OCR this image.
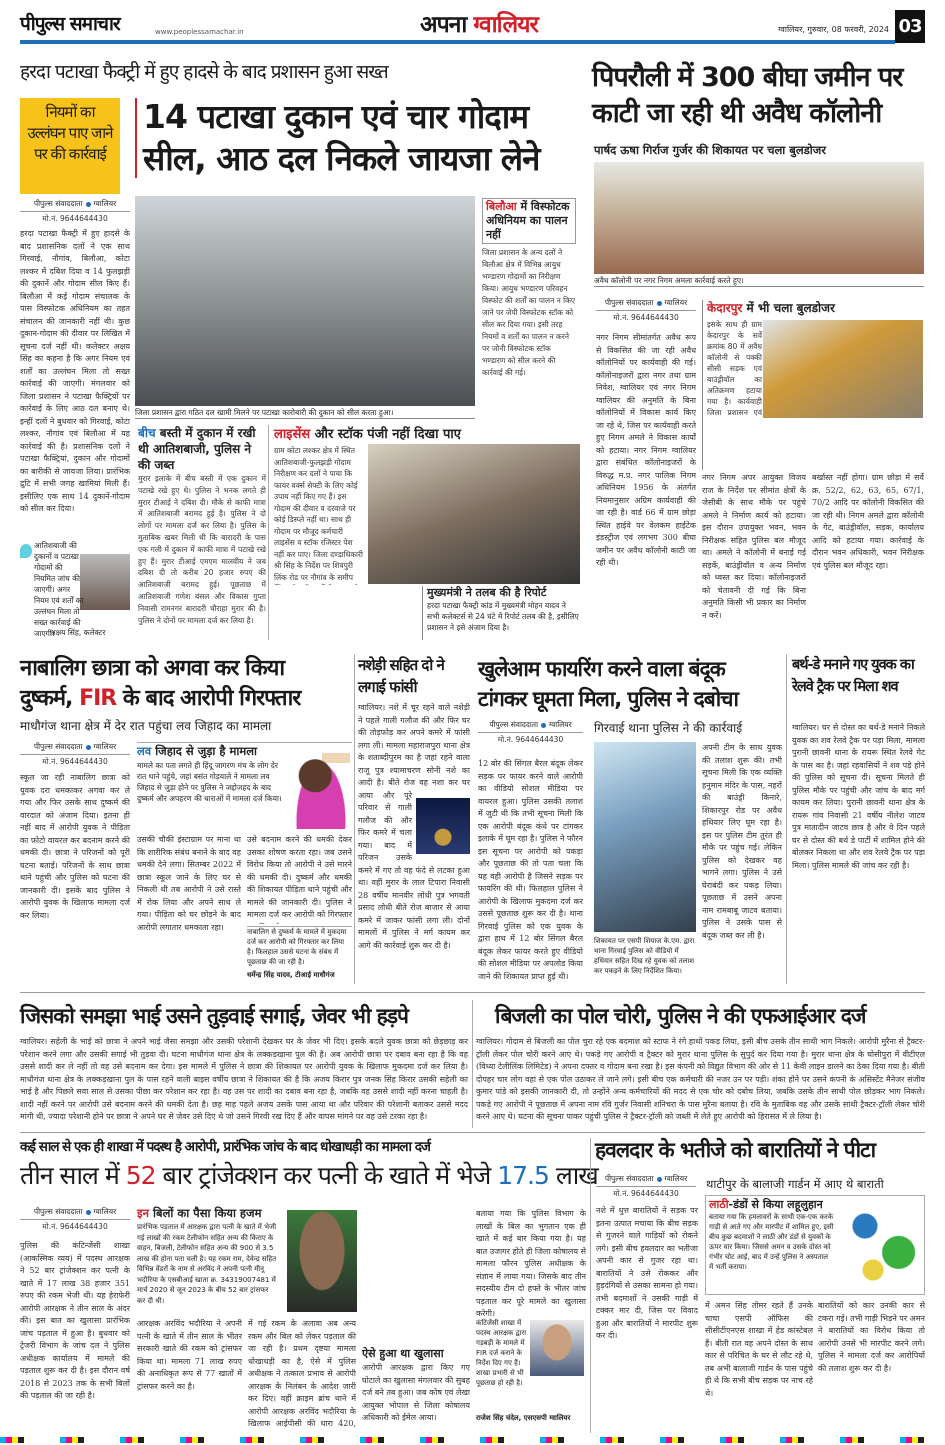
पीपुल्स समाचार	www.peoplessamachar.in	अपना ग्वालियर	ग्वालियर, गुरुवार, 08 फरवरी, 2024 03
हरदा पटाखा फैक्ट्री में हुए हादसे के बाद प्रशासन हुआ सख्त
नियमों का उल्लंघन पाए जाने पर की कार्रवाई
14 पटाखा दुकान एवं चार गोदाम
सील, आठ दल निकले जायजा लेने
पीपुल्स संवाददाता ग्वालियर
मो.नं. 9644644430
हरदा पटाखा फैक्ट्री में हुए हादसे के बाद प्रशासनिक दलों ने एक साथ गिरवाई, नौगांव, बिलौआ, कोटा लश्कर में दबिश दिया व 14 फुलझड़ी की दुकानें और गोदाम सील किए हैं। बिलौआ में कई गोदाम संचालक के पास विस्फोटक अधिनियम का तहत संचालन की जानकारी नहीं थी। कुछ दुकान-गोदाम की दीवार पर लिखित में सूचना दर्ज नहीं थी। कलेक्टर अक्षय सिंह का कहना है कि अगर नियम एवं शर्तों का उल्लंघन मिला तो सख्त कार्रवाई की जाएगी। मंगलवार को जिला प्रशासन ने पटाखा फैक्ट्रियों पर कार्रवाई के लिए आठ दल बनाए थे। इन्हीं दलों ने बुधवार को गिरवाई, कोटा लश्कर, नौगांव एवं बिलौआ में यह कार्रवाई की है। प्रशासनिक दलों ने पटाखा फैक्ट्रियां, दुकान और गोदामों का बारीकी से जायजा लिया। प्रारंभिक द्रुटि में सभी जगह खामियां मिली हैं। इसीलिए एक साथ 14 दुकानें-गोदाम को सील कर दिया।
आतिशबाजी की दुकानों व पटाखा गोदामों की नियमित जांच की जाएगी। अगर नियम एवं शर्तों का उल्लंघन मिला तो सख्त कार्रवाई की जाएगी।
अक्षय सिंह, कलेक्टर
बिलौआ में विस्फोटक अधिनियम का पालन नहीं
जिला प्रशासन के अन्य दलों ने बिलौआ क्षेत्र में विभिन्न आयुध भण्डारण गोदामों का निरीक्षण किया। आयुध भण्डारण परिवहन विस्फोट की शर्तों का पालन न किए जाने पर जेपी विस्फोटक स्टॉक को सील कर दिया गया। इसी तरह नियमों व शर्तों का पालन न करने पर जोनी विस्फोटक स्टॉक भण्डारण को सील करने की कार्रवाई की गई।
जिला प्रशासन द्वारा गठित दल खामी मिलने पर पटाखा कारोबारी की दुकान को सील करता हुआ।
बीच बस्ती में दुकान में रखी थी आतिशबाजी, पुलिस ने की जब्त
मुरार इलाके में बीच बस्ती में एक दुकान में पटाखे रखे हुए थे। पुलिस ने भनक लगते ही मुरार टीआई ने दबिश दी। मौके से काफी मात्रा में आतिशबाजी बरामद हुई है। पुलिस ने दो लोगों पर मामला दर्ज कर लिया है। पुलिस के मुताबिक खबर मिली थी कि बारादरी के पास एक गली में दुकान में काफी मात्रा में पटाखे रखे हुए हैं। मुरार टीआई एमएम मालवीय ने जब दबिश दी तो करीब 20 हजार रुपए की आतिशबाजी बरामद हुई। पूछताछ में आतिशबाजी गणेश बंसल और विकास गुप्ता निवासी रामनगर बारादरी चौराहा मुरार की है। पुलिस ने दोनों पर मामला दर्ज कर लिया है।
लाइसेंस और स्टॉक पंजी नहीं दिखा पाए
ग्राम कोटा लश्कर क्षेत्र में स्थित आतिशबाजी-फुलझड़ी गोदाम निरीक्षण कर दलों ने पाया कि फायर वर्क्स सेफ्टी के लिए कोई उपाय नहीं किए गए हैं। इस गोदाम की दीवार व दरवाजे पर कोई डिस्प्ले नहीं था। साथ ही गोदाम पर मौजूद कर्मचारी लाइसेंस व स्टॉक रजिस्टर पेश नहीं कर पाए। जिला दण्डाधिकारी श्री सिंह के निर्देश पर शिवपुरी लिंक रोड पर नौगांव के समीप
मुख्यमंत्री ने तलब की है रिपोर्ट
हरदा पटाखा फैक्ट्री कांड में मुख्यमंत्री मोहन यादव ने सभी कलेक्टर्स से 24 घंटे में रिपोर्ट तलब की है, इसीलिए प्रशासन ने इसे अंजाम दिया है।
पिपरौली में 300 बीघा जमीन पर
काटी जा रही थी अवैध कॉलोनी
पार्षद ऊषा गिर्राज गुर्जर की शिकायत पर चला बुलडोजर
अवैध कॉलोनी पर नगर निगम अमला कार्रवाई करते हुए।
पीपुल्स संवाददाता ग्वालियर
मो.नं. 9644644430
नगर निगम सीमांतर्गत अवैध रूप से विकसित की जा रही अवैध कॉलोनियों पर कार्यवाही की गई। कॉलोनाइजरों द्वारा नगर तथा ग्राम निवेश, ग्वालियर एवं नगर निगम ग्वालियर की अनुमति के बिना कॉलोनियों में विकास कार्य किए जा रहे थे, जिस पर कार्यवाही करते हुए निगम अमले ने विकास कार्यों को हटाया। नगर निगम ग्वालियर द्वारा संबंधित कॉलोनाइजरों के विरुद्ध म.प्र. नगर पालिक निगम अधिनियम 1956 के अंतर्गत नियमानुसार अग्रिम कार्यवाही की जा रही है। वार्ड 66 में ग्राम छोड़ा स्थित हाईवे पर वेलकम हाईटेक इंडस्ट्रीज एवं लगभग 300 बीघा जमीन पर अवैध कॉलोनी काटी जा रही थी।
नगर निगम अपर आयुक्त विजय राज के निर्देश पर सीमांत क्षेत्रों के जेसीबी के साथ मौके पर पहुंचे अमले ने निर्माण कार्य को हटाया। इस दौरान उपायुक्त भवन, भवन निरीक्षक सहित पुलिस बल मौजूद था। अमले ने कॉलोनी में बनाई गई सड़कें, बाउंड्रीवॉल व अन्य निर्माण को ध्वस्त कर दिया। कॉलोनाइजरों को चेतावनी दी गई कि बिना अनुमति किसी भी प्रकार का निर्माण न करें।
बर्खास्त नहीं होगा। ग्राम छोड़ा में सर्वे क्र. 52/2, 62, 63, 65, 67/1, 70/2 आदि पर कॉलोनी विकसित की जा रही थी। निगम अमले द्वारा कॉलोनी के गेट, बाउंड्रीवॉल, सड़क, कार्यालय आदि को हटाया गया। कार्रवाई के दौरान भवन अधिकारी, भवन निरीक्षक एवं पुलिस बल मौजूद रहा।
केदारपुर में भी चला बुलडोजर
इसके साथ ही ग्राम केदारपुर के सर्वे क्रमांक 80 में अवैध कॉलोनी से पक्की सीसी सड़क एवं बाउंड्रीवॉल का अतिक्रमण हटाया गया है। कार्यवाही जिला प्रशासन एवं
नाबालिग छात्रा को अगवा कर किया
दुष्कर्म, FIR के बाद आरोपी गिरफ्तार
माधौगंज थाना क्षेत्र में देर रात पहुंचा लव जिहाद का मामला
पीपुल्स संवाददाता ग्वालियर
मो.नं. 9644644430
स्कूल जा रही नाबालिग छात्रा को युवक दरा धमकाकर अगवा कर ले गया और फिर उसके साथ दुष्कर्म की वारदात को अंजाम दिया। इतना ही नहीं बाद में आरोपी युवक ने पीड़िता का फ़ोटो वायरल कर बदनाम करने की धमकी दी। छात्रा ने परिजनों को पूरी घटना बताई। परिजनों के साथ छात्रा थाने पहुंची और पुलिस को घटना की जानकारी दी। इसके बाद पुलिस ने आरोपी युवक के खिलाफ मामला दर्ज कर लिया।
लव जिहाद से जुड़ा है मामला
मामले का पता लगते ही हिंदू जागरण मंच के लोग देर रात थाने पहुंचे, जहां बसंत गोड़याले ने मामला लव जिहाद से जुड़ा होने पर पुलिस ने जद्दोजहद के बाद दुष्कर्म और अपहरण की धाराओं में मामला दर्ज किया।
उसकी चौकी इंस्टाग्राम पर माना था कि शारीरिक संबंध बनाने के बाद वह धमकी देने लगा। सितम्बर 2022 में छात्रा स्कूल जाने के लिए घर से निकली थी तब आरोपी ने उसे रास्ते में रोक लिया और अपने साथ ले गया। पीड़िता को घर छोड़ने के बाद आरोपी लगातार धमकाता रहा।
उसे बदनाम करने की धमकी देकर उसका शोषण करता रहा। जब उसने विरोध किया तो आरोपी ने उसे मारने की धमकी दी। दुष्कर्म और धमकी की शिकायत पीड़िता थाने पहुंची और मामले की जानकारी दी। पुलिस ने मामला दर्ज कर आरोपी को गिरफ्तार
नाबालिग से दुष्कर्म के मामले में मुकदमा दर्ज कर आरोपी को गिरफ्तार कर लिया है। फिलहाल उससे घटना के संबंध में पूछताछ की जा रही है।
धर्मेन्द्र सिंह यादव, टीआई माधौगंज
नशेड़ी सहित दो ने लगाई फांसी
ग्वालियर। नशे में चूर रहने वाले नशेड़ी ने पहले गाली गलौज की और फिर घर की तोड़फोड़ कर अपने कमरे में फांसी लगा ली। मामला महाराजपुरा थाना क्षेत्र के शताब्दीपुरम का है जहां रहने वाला राजू पुत्र श्यामाचरण सोनी नशे का आदी है। बीते रोज वह नशा कर घर आया और पूरे परिवार से गाली गलौज की और फिर कमरे में चला गया। बाद में परिजन उसके कमरे में गए तो वह फंदे से लटका हुआ था। वहीं मुरार के लाल टिपारा निवासी 28 वर्षीय मानवीर लोधी पुत्र भगवती प्रसाद लोधी बीते रोज बाजार से आया कमरे में जाकर फांसी लगा ली। दोनों मामलों में पुलिस ने मर्ग कायम कर आगे की कार्रवाई शुरू कर दी है।
खुलेआम फायरिंग करने वाला बंदूक
टांगकर घूमता मिला, पुलिस ने दबोचा
पीपुल्स संवाददाता ग्वालियर
मो.नं. 9644644430
गिरवाई थाना पुलिस ने की कार्रवाई
12 बोर की सिंगल बैरल बंदूक लेकर सड़क पर फायर करने वाले आरोपी का वीडियो सोशल मीडिया पर वायरल हुआ। पुलिस उसकी तलाश में जुटी थी कि तभी सूचना मिली कि एक आरोपी बंदूक कंधे पर टांगकर इलाके में घूम रहा है। पुलिस ने फौरन इस सूचना पर आरोपी को पकड़ा और पूछताछ की तो पता चला कि यह वही आरोपी है जिसने सड़क पर फायरिंग की थी। फिलहाल पुलिस ने आरोपी के खिलाफ मुकदमा दर्ज कर उससे पूछताछ शुरू कर दी है। थाना गिरवाई पुलिस को एक युवक के द्वारा हाथ में 12 बोर सिंगल बैरल बंदूक लेकर फायर करते हुए वीडियो की सोशल मीडिया पर अपलोड किया जाने की शिकायत प्राप्त हुई थी।
अपनी टीम के साथ युवक की तलाश शुरू की। तभी सूचना मिली कि एक व्यक्ति हनुमान मंदिर के पास, नहरों की बाउंड्री किनारे, शिकारपुर रोड पर अवैध हथियार लिए घूम रहा है। इस पर पुलिस टीम तुरंत ही मौके पर पहुंच गई। लेकिन पुलिस को देखकर वह भागने लगा। पुलिस ने उसे घेराबंदी कर पकड़ लिया। पूछताछ में उसने अपना नाम रामबाबू जाटव बताया। पुलिस ने उसके पास से बंदूक जब्त कर ली है।
शिकायत पर एसपी शियाज के.एम. द्वारा थाना गिरवाई पुलिस को वीडियो में हथियार सहित दिख रहे युवक को तलाश कर पकड़ने के लिए निर्देशित किया।
बर्थ-डे मनाने गए युवक का रेलवे ट्रैक पर मिला शव
ग्वालियर। घर से दोस्त का बर्थ-डे मनाने निकले युवक का शव रेलवे ट्रैक पर पड़ा मिला, मामला पुरानी छावनी थाना के रायरू स्थित रेलवे गेट के पास का है। जहां रहवासियों ने शव पड़े होने की पुलिस को सूचना दी। सूचना मिलते ही पुलिस मौके पर पहुंची और जांच के बाद मर्ग कायम कर लिया। पुरानी छावनी थाना क्षेत्र के रायरू गांव निवासी 21 वर्षीय नीलेश जाटव पुत्र मातादीन जाटव छात्र है और वे दिन पहले घर से दोस्त की बर्थ डे पार्टी में शामिल होने की बोलकर निकला था और शव रेलवे ट्रैक पर पड़ा मिला। पुलिस मामले की जांच कर रही है।
जिसको समझा भाई उसने तुड़वाई सगाई, जेवर भी हड़पे
ग्वालियर। सहेली के भाई को छात्रा ने अपने भाई जैसा समझा और उसकी परेशानी देखकर घर के जेवर भी दिए। इसके बदले युवक छात्रा को छेड़छाड़ कर परेशान करने लगा और उसकी सगाई भी तुड़वा दी। घटना माधौगंज थाना क्षेत्र के लक्कड़खाना पुल की है। अब आरोपी छात्रा पर दबाव बना रहा है कि वह उससे शादी कर ले नहीं तो वह उसे बदनाम कर देगा। इस मामले में पुलिस ने छात्रा की शिकायत पर आरोपी युवक के खिलाफ मुकदमा दर्ज कर लिया है। माधौगंज थाना क्षेत्र के लक्कड़खाना पुल के पास रहने वाली बाइस वर्षीय छात्रा ने शिकायत की है कि अजय किरार पुत्र जनक सिंह किरार उसकी सहेली का भाई है और पिछले सवा साल से उसका पीछा कर परेशान कर रहा है। वह उस पर शादी का दबाव बना रहा है, जबकि वह उससे शादी नहीं करना चाहती है। शादी नहीं करने पर आरोपी उसे बदनाम करने की धमकी देता है। छह माह पहले अजय उसके पास आया था और परिवार की परेशानी बताकर उससे मदद मांगी थी, ज्यादा परेशानी होने पर छात्रा ने अपने घर से जेवर उसे दिए थे जो उसने गिरवी रख दिए हैं और वापस मांगने पर वह उसे टरका रहा है।
बिजली का पोल चोरी, पुलिस ने की एफआईआर दर्ज
ग्वालियर। गोदाम से बिजली का पोल चुरा रहे एक बदमाश को स्टाफ ने रंगे हाथों पकड़ लिया, इसी बीच उसके तीन साथी भाग निकले। आरोपी मुरैना से ट्रैक्टर-ट्रॉली लेकर पोल चोरी करने आए थे। पकड़े गए आरोपी व ट्रैक्टर को मुरार थाना पुलिस के सुपुर्द कर दिया गया है। मुरार थाना क्षेत्र के घोसीपुरा में वीटीएल (विध्या टेलीलिंक लिमिटेड) ने अपना दफ्तर व गोदाम बना रखा है। इस कंपनी को विद्युत विभाग की ओर से 11 केवी लाइन डालने का ठेका दिया गया है। बीती दोपहर चार लोग वहां से एक पोल उठाकर ले जाने लगे। इसी बीच एक कर्मचारी की नजर उन पर पड़ी। शंका होने पर उसने कंपनी के असिस्टेंट मैनेजर संजीव कुमार पांडे को इसकी जानकारी दी, तो उन्होंने अन्य कर्मचारियों की मदद से एक चोर को दबोच लिया, जबकि उसके तीन साथी पोल छोड़कर भाग निकले। पकड़े गए आरोपी ने पूछताछ में अपना नाम रवि गुर्जर निवासी शनिचरा के पास मुरैना बताया है। रवि के मुताबिक वह और उसके साथी ट्रैक्टर-ट्रॉली लेकर चोरी करने आए थे। घटना की सूचना पाकर पहुंची पुलिस ने ट्रैक्टर-ट्रॉली को जब्ती में लेते हुए आरोपी को हिरासत में ले लिया है।
कई साल से एक ही शाखा में पदस्थ है आरोपी, प्रारंभिक जांच के बाद धोखाधड़ी का मामला दर्ज
तीन साल में 52 बार ट्रांजेक्शन कर पत्नी के खाते में भेजे 17.5 लाख
पीपुल्स संवाददाता ग्वालियर
मो.नं. 9644644430
पुलिस की कंटिन्जेंसी शाखा (आकस्मिक व्यय) में पदस्थ आरक्षक ने 52 बार ट्रांजेक्शन कर पत्नी के खाते में 17 लाख 38 हजार 351 रुपए की रकम भेजी थी। यह हेराफेरी आरोपी आरक्षक ने तीन साल के अंदर की। इस बात का खुलासा प्रारंभिक जांच पड़ताल में हुआ है। बुधवार को ट्रेजरी विभाग के जांच दल ने पुलिस अधीक्षक कार्यालय में मामले की पड़ताल शुरू कर दी है। इस दौरान वर्ष 2018 से 2023 तक के सभी बिलों की पड़ताल की जा रही है।
इन बिलों का पैसा किया हजम
प्रारंभिक पड़ताल में आरक्षक द्वारा पत्नी के खाते में भेजी गई लाखों की रकम टेलीफोन सहित अन्य की किराए के वाहन, बिजली, टेलीफोन सहित अन्य की 900 से 3.5 लाख की होना पता चली है। यह रकम राम, देवेन्द्र सहित विभिन्न वेंडरों के नाम से अरविंद ने अपनी पत्नी मीनू भदौरिया के एसबीआई खाता क्र. 34319007481 में मार्च 2020 से जून 2023 के बीच 52 बार ट्रांसफर कर दी थी।
आरक्षक अरविंद भदौरिया ने अपनी पत्नी के खाते में तीन साल के भीतर सरकारी खाते की रकम को ट्रांसफर किया था। मामला 71 लाख रुपए की अनाधिकृत रूप से 77 खातों में ट्रांसफर करने का है।
में गई रकम के अलावा अब अन्य रकम और बिल को लेकर पड़ताल की जा रही है। प्रथम दृष्टया मामला धोखाधड़ी का है, ऐसे में पुलिस अधीक्षक ने तत्काल प्रभाव से आरोपी आरक्षक के निलंबन के आदेश जारी कर दिए। वहीं क्राइम ब्रांच थाने में आरोपी आरक्षक अरविंद भदौरिया के खिलाफ आईपीसी की धारा 420,
बताया गया कि पुलिस विभाग के लाखों के बिल का भुगतान एक ही खाते में कई बार किया गया है। यह बात उजागर होते ही जिला कोषालय से मामला फौरन पुलिस अधीक्षक के संज्ञान में लाया गया। जिसके बाद तीन सदस्यीय टीम दो हफ्ते के भीतर जांच पड़ताल कर पूरे मामले का खुलासा करेगी।
ऐसे हुआ था खुलासा
आरोपी आरक्षक द्वारा किए गए घोटाले का खुलासा मंगलवार की सुबह दर्ज बने तब हुआ। जब कोष एवं लेखा आयुक्त भोपाल से जिला कोषालय अधिकारी को ईमेल आया।
कंटिंजेंसी शाखा में पदस्थ आरक्षक द्वारा गड़बड़ी के मामले में FIR दर्ज कराने के निर्देश दिए गए हैं। शाखा प्रभारी से भी पूछताछ हो रही है।
राजेश सिंह चंदेल, एसएसपी ग्वालियर
हवलदार के भतीजे को बारातियों ने पीटा
पीपुल्स संवाददाता ग्वालियर
मो.नं. 9644644430
थाटीपुर के बालाजी गार्डन में आए थे बाराती
नशे में धुत्त बारातियों ने सड़क पर इतना उत्पात मचाया कि बीच सड़क से गुजरने वाले गाड़ियों को रोकने लगे। इसी बीच हवलदार का भतीजा अपनी कार से गुजर रहा था। बारातियों ने उसे रोककर और हुड़दंगियों से उसका सामना हो गया। तभी बदमाशों ने उसकी गाड़ी में टक्कर मार दी, जिस पर विवाद हुआ और बारातियों ने मारपीट शुरू कर दी।
लाठी-डंडों से किया लहूलुहान
बताया गया कि हमलावरों के साथी एक-एक करके गाड़ी से आते गए और मारपीट में शामिल हुए, इसी बीच कुछ बदमाशों ने लाठी और डंडों से युवकों के ऊपर वार किया। जिससे अमन व उसके दोस्त को गंभीर चोट आई, बाद में उन्हें पुलिस ने अस्पताल में भर्ती कराया।
में अमन सिंह तोमर रहते हैं उनके चाचा एसपी ऑफिस की सीसीटीएनएस शाखा में हेड कांस्टेबल हैं। बीती रात वह अपने दोस्त के साथ कार से परिचित के घर से लौट रहे थे, तब अभी बालाजी गार्डन के पास पहुंचे ही थे कि सभी बीच सड़क पर नाच रहे थे।
बारातियों को कार उनकी कार से टकरा गई। तभी गाड़ी भिड़ने पर अमन ने बारातियों का विरोध किया तो आरोपी उनसे भी मारपीट करने लगे। पुलिस ने मामला दर्ज कर आरोपियों की तलाश शुरू कर दी है।
